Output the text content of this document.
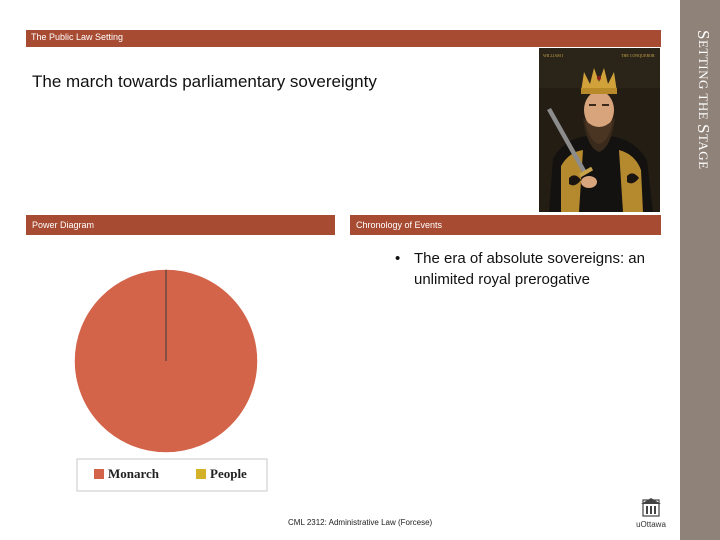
SETTING THE STAGE
The Public Law Setting
The march towards parliamentary sovereignty
WILLIAM I	THE CONQUEROR
Power Diagram	Chronology of Events
• The era of absolute sovereigns: an unlimited royal prerogative
Monarch	People
CML 2312: Administrative Law (Forcese)	uOttawa
